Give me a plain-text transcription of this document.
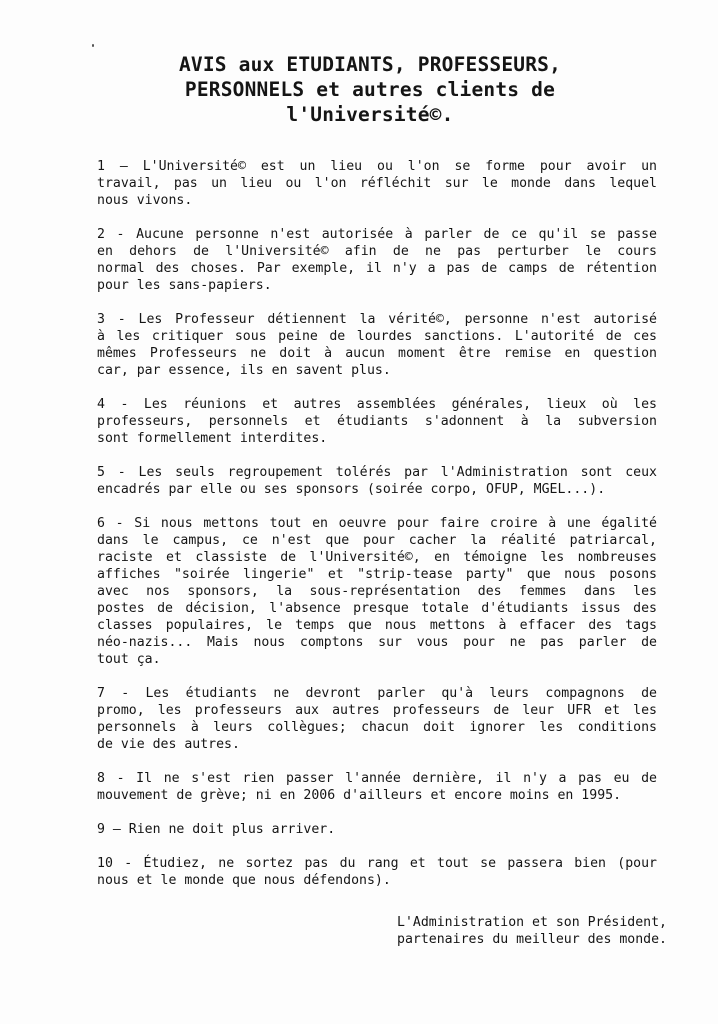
AVIS aux ETUDIANTS, PROFESSEURS,
PERSONNELS et autres clients de
l'Université©.
1 – L'Université© est un lieu ou l'on se forme pour avoir un
travail, pas un lieu ou l'on réfléchit sur le monde dans lequel
nous vivons.
2 - Aucune personne n'est autorisée à parler de ce qu'il se passe
en dehors de l'Université© afin de ne pas perturber le cours
normal des choses. Par exemple, il n'y a pas de camps de rétention
pour les sans-papiers.
3 - Les Professeur détiennent la vérité©, personne n'est autorisé
à les critiquer sous peine de lourdes sanctions. L'autorité de ces
mêmes Professeurs ne doit à aucun moment être remise en question
car, par essence, ils en savent plus.
4 - Les réunions et autres assemblées générales, lieux où les
professeurs, personnels et étudiants s'adonnent à la subversion
sont formellement interdites.
5 - Les seuls regroupement tolérés par l'Administration sont ceux
encadrés par elle ou ses sponsors (soirée corpo, OFUP, MGEL...).
6 - Si nous mettons tout en oeuvre pour faire croire à une égalité
dans le campus, ce n'est que pour cacher la réalité patriarcal,
raciste et classiste de l'Université©, en témoigne les nombreuses
affiches "soirée lingerie" et "strip-tease party" que nous posons
avec nos sponsors, la sous-représentation des femmes dans les
postes de décision, l'absence presque totale d'étudiants issus des
classes populaires, le temps que nous mettons à effacer des tags
néo-nazis... Mais nous comptons sur vous pour ne pas parler de
tout ça.
7 - Les étudiants ne devront parler qu'à leurs compagnons de
promo, les professeurs aux autres professeurs de leur UFR et les
personnels à leurs collègues; chacun doit ignorer les conditions
de vie des autres.
8 - Il ne s'est rien passer l'année dernière, il n'y a pas eu de
mouvement de grève; ni en 2006 d'ailleurs et encore moins en 1995.
9 – Rien ne doit plus arriver.
10 - Étudiez, ne sortez pas du rang et tout se passera bien (pour
nous et le monde que nous défendons).
L'Administration et son Président,
partenaires du meilleur des monde.
